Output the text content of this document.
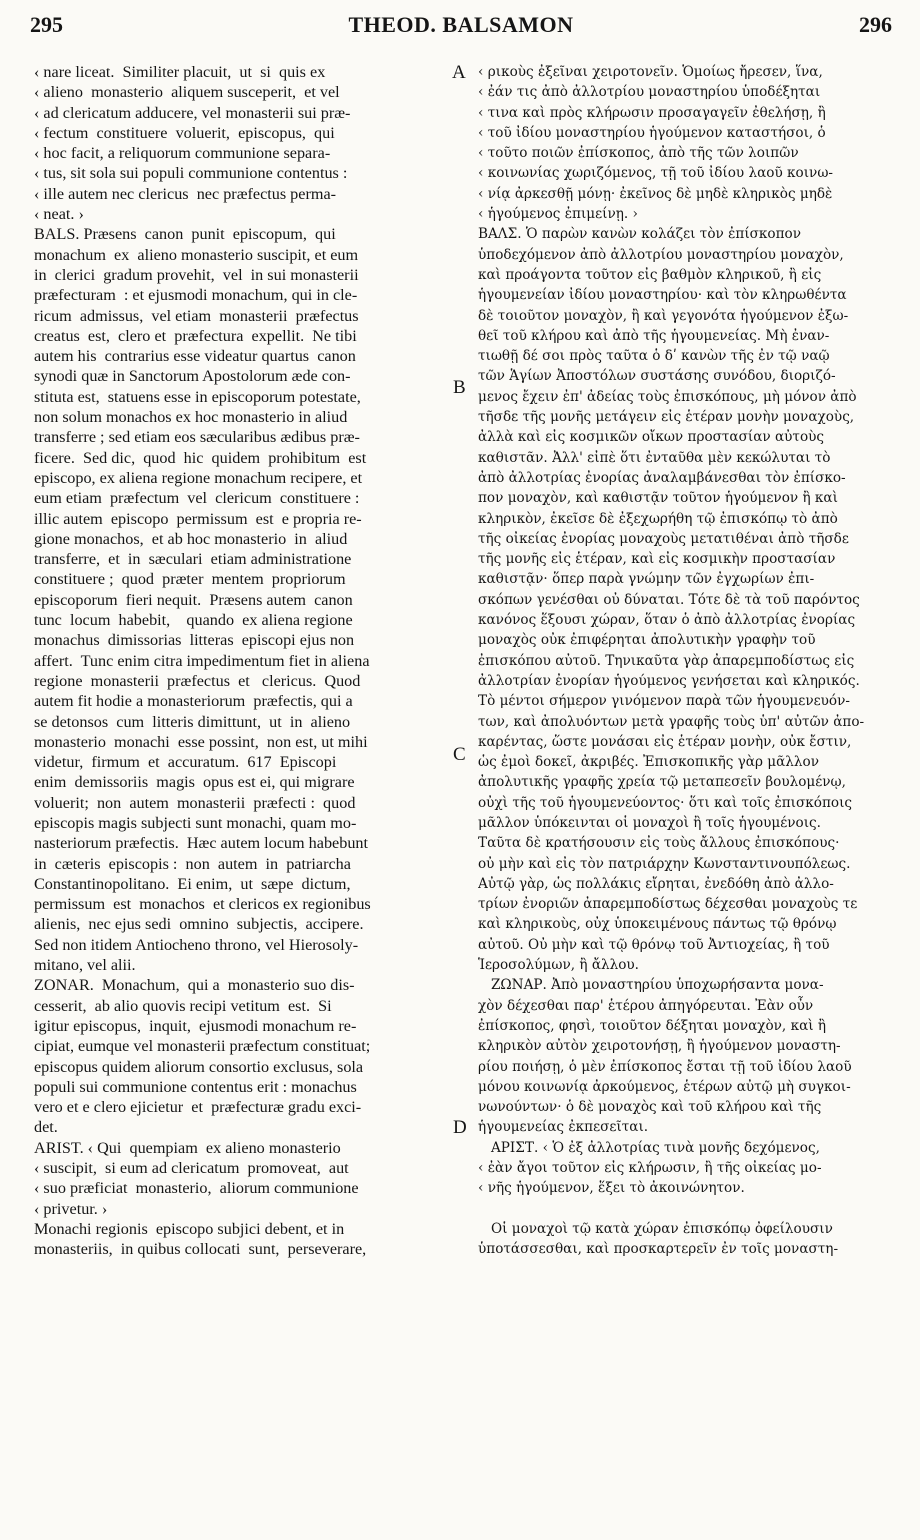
295	THEOD. BALSAMON	296
‹ nare liceat.  Similiter placuit,  ut  si  quis ex
‹ alieno  monasterio  aliquem susceperit,  et vel
‹ ad clericatum adducere, vel monasterii sui præ-
‹ fectum  constituere  voluerit,  episcopus,  qui
‹ hoc facit, a reliquorum communione separa-
‹ tus, sit sola sui populi communione contentus :
‹ ille autem nec clericus  nec præfectus perma-
‹ neat. ›
BALS. Præsens  canon  punit  episcopum,  qui
monachum  ex  alieno monasterio suscipit, et eum
in  clerici  gradum provehit,  vel  in sui monasterii
præfecturam  : et ejusmodi monachum, qui in cle-
ricum  admissus,  vel etiam  monasterii  præfectus
creatus  est,  clero et  præfectura  expellit.  Ne tibi
autem his  contrarius esse videatur quartus  canon
synodi quæ in Sanctorum Apostolorum æde con-
stituta est,  statuens esse in episcoporum potestate,
non solum monachos ex hoc monasterio in aliud
transferre ; sed etiam eos sæcularibus ædibus præ-
ficere.  Sed dic,  quod  hic  quidem  prohibitum  est
episcopo, ex aliena regione monachum recipere, et
eum etiam  præfectum  vel  clericum  constituere :
illic autem  episcopo  permissum  est  e propria re-
gione monachos,  et ab hoc monasterio  in  aliud
transferre,  et  in  sæculari  etiam administratione
constituere ;  quod  præter  mentem  propriorum
episcoporum  fieri nequit.  Præsens autem  canon
tunc  locum  habebit,    quando  ex aliena regione
monachus  dimissorias  litteras  episcopi ejus non
affert.  Tunc enim citra impedimentum fiet in aliena
regione  monasterii  præfectus  et   clericus.  Quod
autem fit hodie a monasteriorum  præfectis, qui a
se detonsos  cum  litteris dimittunt,  ut  in  alieno
monasterio  monachi  esse possint,  non est, ut mihi
videtur,  firmum  et  accuratum.  617  Episcopi
enim  demissoriis  magis  opus est ei, qui migrare
voluerit;  non  autem  monasterii  præfecti :  quod
episcopis magis subjecti sunt monachi, quam mo-
nasteriorum præfectis.  Hæc autem locum habebunt
in  cæteris  episcopis :  non  autem  in  patriarcha
Constantinopolitano.  Ei enim,  ut  sæpe  dictum,
permissum  est  monachos  et clericos ex regionibus
alienis,  nec ejus sedi  omnino  subjectis,  accipere.
Sed non itidem Antiocheno throno, vel Hierosoly-
mitano, vel alii.
ZONAR.  Monachum,  qui a  monasterio suo dis-
cesserit,  ab alio quovis recipi vetitum  est.  Si
igitur episcopus,  inquit,  ejusmodi monachum re-
cipiat, eumque vel monasterii præfectum constituat;
episcopus quidem aliorum consortio exclusus, sola
populi sui communione contentus erit : monachus
vero et e clero ejicietur  et  præfecturæ gradu exci-
det.
ARIST. ‹ Qui  quempiam  ex alieno monasterio
‹ suscipit,  si eum ad clericatum  promoveat,  aut
‹ suo præficiat  monasterio,  aliorum communione
‹ privetur. ›
Monachi regionis  episcopo subjici debent, et in
monasteriis,  in quibus collocati  sunt,  perseverare,
‹ ρικοὺς ἐξεῖναι χειροτονεῖν. Ὁμοίως ἤρεσεν, ἵνα,
‹ ἐάν τις ἀπὸ ἀλλοτρίου μοναστηρίου ὑποδέξηται
‹ τινα καὶ πρὸς κλήρωσιν προσαγαγεῖν ἐθελήσῃ, ἢ
‹ τοῦ ἰδίου μοναστηρίου ἡγούμενον καταστήσοι, ὁ
‹ τοῦτο ποιῶν ἐπίσκοπος, ἀπὸ τῆς τῶν λοιπῶν
‹ κοινωνίας χωριζόμενος, τῇ τοῦ ἰδίου λαοῦ κοινω-
‹ νίᾳ ἀρκεσθῇ μόνῃ· ἐκεῖνος δὲ μηδὲ κληρικὸς μηδὲ
‹ ἡγούμενος ἐπιμείνῃ. ›
ΒΑΛΣ. Ὁ παρὼν κανὼν κολάζει τὸν ἐπίσκοπον
ὑποδεχόμενον ἀπὸ ἀλλοτρίου μοναστηρίου μοναχὸν,
καὶ προάγοντα τοῦτον εἰς βαθμὸν κληρικοῦ, ἢ εἰς
ἡγουμενείαν ἰδίου μοναστηρίου· καὶ τὸν κληρωθέντα
δὲ τοιοῦτον μοναχὸν, ἢ καὶ γεγονότα ἡγούμενον ἐξω-
θεῖ τοῦ κλήρου καὶ ἀπὸ τῆς ἡγουμενείας. Μὴ ἐναν-
τιωθῇ δέ σοι πρὸς ταῦτα ὁ δʹ κανὼν τῆς ἐν τῷ ναῷ
τῶν Ἁγίων Ἀποστόλων συστάσης συνόδου, διοριζό-
μενος ἔχειν ἐπ' ἀδείας τοὺς ἐπισκόπους, μὴ μόνον ἀπὸ
τῆσδε τῆς μονῆς μετάγειν εἰς ἑτέραν μονὴν μοναχοὺς,
ἀλλὰ καὶ εἰς κοσμικῶν οἴκων προστασίαν αὐτοὺς
καθιστᾶν. Ἀλλ' εἰπὲ ὅτι ἐνταῦθα μὲν κεκώλυται τὸ
ἀπὸ ἀλλοτρίας ἐνορίας ἀναλαμβάνεσθαι τὸν ἐπίσκο-
πον μοναχὸν, καὶ καθιστᾷν τοῦτον ἡγούμενον ἢ καὶ
κληρικὸν, ἐκεῖσε δὲ ἐξεχωρήθη τῷ ἐπισκόπῳ τὸ ἀπὸ
τῆς οἰκείας ἐνορίας μοναχοὺς μετατιθέναι ἀπὸ τῆσδε
τῆς μονῆς εἰς ἑτέραν, καὶ εἰς κοσμικὴν προστασίαν
καθιστᾷν· ὅπερ παρὰ γνώμην τῶν ἐγχωρίων ἐπι-
σκόπων γενέσθαι οὐ δύναται. Τότε δὲ τὰ τοῦ παρόντος
κανόνος ἕξουσι χώραν, ὅταν ὁ ἀπὸ ἀλλοτρίας ἐνορίας
μοναχὸς οὐκ ἐπιφέρηται ἀπολυτικὴν γραφὴν τοῦ
ἐπισκόπου αὐτοῦ. Τηνικαῦτα γὰρ ἀπαρεμποδίστως εἰς
ἀλλοτρίαν ἐνορίαν ἡγούμενος γενήσεται καὶ κληρικός.
Τὸ μέντοι σήμερον γινόμενον παρὰ τῶν ἡγουμενευόν-
των, καὶ ἀπολυόντων μετὰ γραφῆς τοὺς ὑπ' αὐτῶν ἀπο-
καρέντας, ὥστε μονάσαι εἰς ἑτέραν μονὴν, οὐκ ἔστιν,
ὡς ἐμοὶ δοκεῖ, ἀκριβές. Ἐπισκοπικῆς γὰρ μᾶλλον
ἀπολυτικῆς γραφῆς χρεία τῷ μεταπεσεῖν βουλομένῳ,
οὐχὶ τῆς τοῦ ἡγουμενεύοντος· ὅτι καὶ τοῖς ἐπισκόποις
μᾶλλον ὑπόκεινται οἱ μοναχοὶ ἢ τοῖς ἡγουμένοις.
Ταῦτα δὲ κρατήσουσιν εἰς τοὺς ἄλλους ἐπισκόπους·
οὐ μὴν καὶ εἰς τὸν πατριάρχην Κωνσταντινουπόλεως.
Αὐτῷ γὰρ, ὡς πολλάκις εἴρηται, ἐνεδόθη ἀπὸ ἀλλο-
τρίων ἐνοριῶν ἀπαρεμποδίστως δέχεσθαι μοναχοὺς τε
καὶ κληρικοὺς, οὐχ ὑποκειμένους πάντως τῷ θρόνῳ
αὐτοῦ. Οὐ μὴν καὶ τῷ θρόνῳ τοῦ Ἀντιοχείας, ἢ τοῦ
Ἱεροσολύμων, ἢ ἄλλου.
ΖΩΝΑΡ. Ἀπὸ μοναστηρίου ὑποχωρήσαντα μονα-
χὸν δέχεσθαι παρ' ἑτέρου ἀπηγόρευται. Ἐὰν οὖν
ἐπίσκοπος, φησὶ, τοιοῦτον δέξηται μοναχὸν, καὶ ἢ
κληρικὸν αὐτὸν χειροτονήσῃ, ἢ ἡγούμενον μοναστη-
ρίου ποιήσῃ, ὁ μὲν ἐπίσκοπος ἔσται τῇ τοῦ ἰδίου λαοῦ
μόνου κοινωνίᾳ ἀρκούμενος, ἑτέρων αὐτῷ μὴ συγκοι-
νωνούντων· ὁ δὲ μοναχὸς καὶ τοῦ κλήρου καὶ τῆς
ἡγουμενείας ἐκπεσεῖται.
ΑΡΙΣΤ. ‹ Ὁ ἐξ ἀλλοτρίας τινὰ μονῆς δεχόμενος,
‹ ἐὰν ἄγοι τοῦτον εἰς κλήρωσιν, ἢ τῆς οἰκείας μο-
‹ νῆς ἡγούμενον, ἕξει τὸ ἀκοινώνητον.
Οἱ μοναχοὶ τῷ κατὰ χώραν ἐπισκόπῳ ὀφείλουσιν
ὑποτάσσεσθαι, καὶ προσκαρτερεῖν ἐν τοῖς μοναστη-
A
B
C
D
